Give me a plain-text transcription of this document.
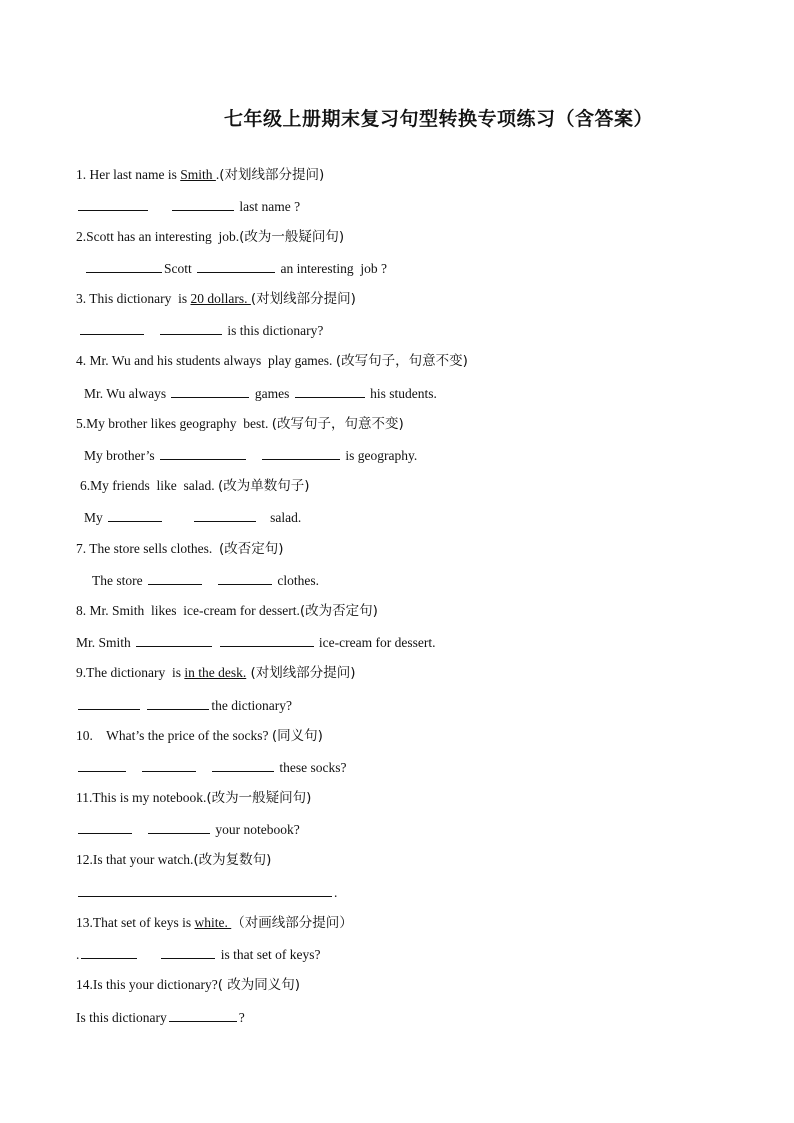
七年级上册期末复习句型转换专项练习（含答案）
1. Her last name is Smith .(对划线部分提问)
last name ?
2.Scott has an interesting  job.(改为一般疑问句)
Scott	an interesting  job ?
3. This dictionary  is 20 dollars. (对划线部分提问)
is this dictionary?
4. Mr. Wu and his students always  play games. (改写句子，句意不变)
Mr. Wu always	games	his students.
5.My brother likes geography  best. (改写句子，句意不变)
My brother’s	is geography.
6.My friends  like  salad. (改为单数句子)
My	salad.
7. The store sells clothes.  (改否定句)
The store	clothes.
8. Mr. Smith  likes  ice-cream for dessert.(改为否定句)
Mr. Smith	ice-cream for dessert.
9.The dictionary  is in the desk. (对划线部分提问)
the dictionary?
10.    What’s the price of the socks? (同义句)
these socks?
11.This is my notebook.(改为一般疑问句)
your notebook?
12.Is that your watch.(改为复数句)
.
13.That set of keys is white. （对画线部分提问）
.	is that set of keys?
14.Is this your dictionary?( 改为同义句)
Is this dictionary	?
